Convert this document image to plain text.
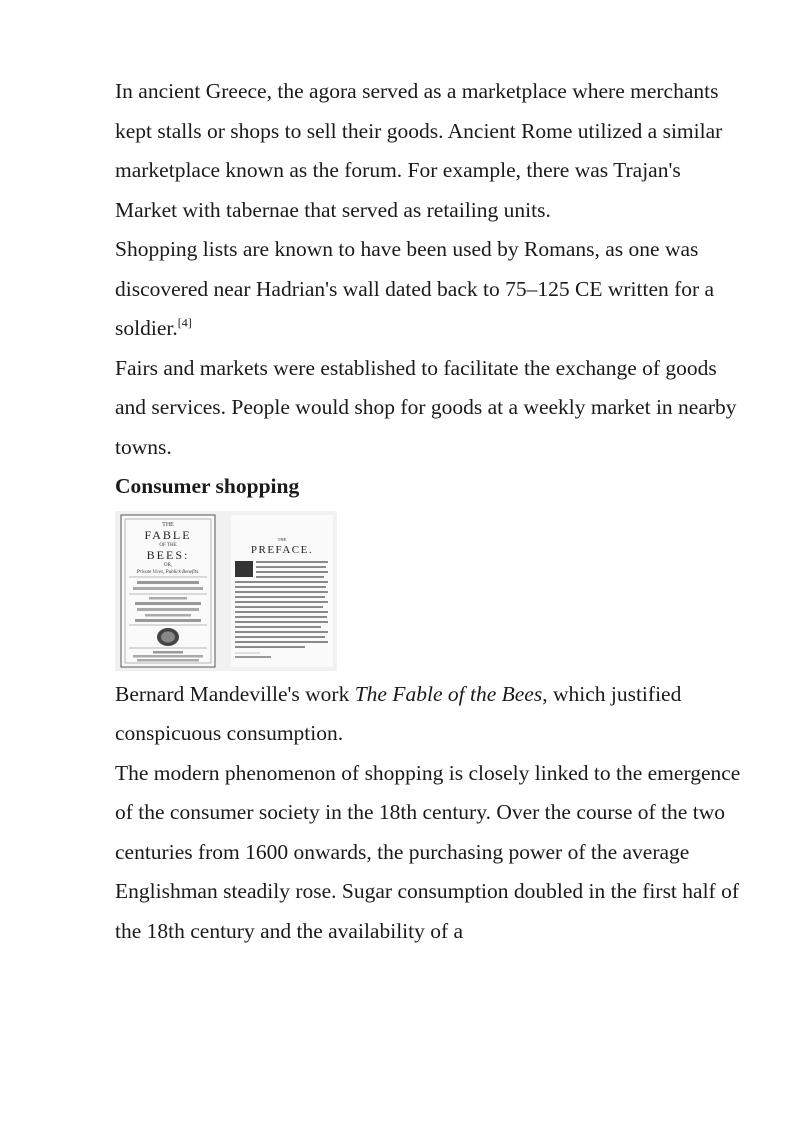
In ancient Greece, the agora served as a marketplace where merchants kept stalls or shops to sell their goods. Ancient Rome utilized a similar marketplace known as the forum. For example, there was Trajan's Market with tabernae that served as retailing units.

Shopping lists are known to have been used by Romans, as one was discovered near Hadrian's wall dated back to 75–125 CE written for a soldier.[4]

Fairs and markets were established to facilitate the exchange of goods and services. People would shop for goods at a weekly market in nearby towns.

Consumer shopping
THE
FABLE
OF THE
BEES:
OR,
Private Vices, Publick Benefits.
THE
PREFACE.

Bernard Mandeville's work The Fable of the Bees, which justified conspicuous consumption.

The modern phenomenon of shopping is closely linked to the emergence of the consumer society in the 18th century. Over the course of the two centuries from 1600 onwards, the purchasing power of the average Englishman steadily rose. Sugar consumption doubled in the first half of the 18th century and the availability of a
